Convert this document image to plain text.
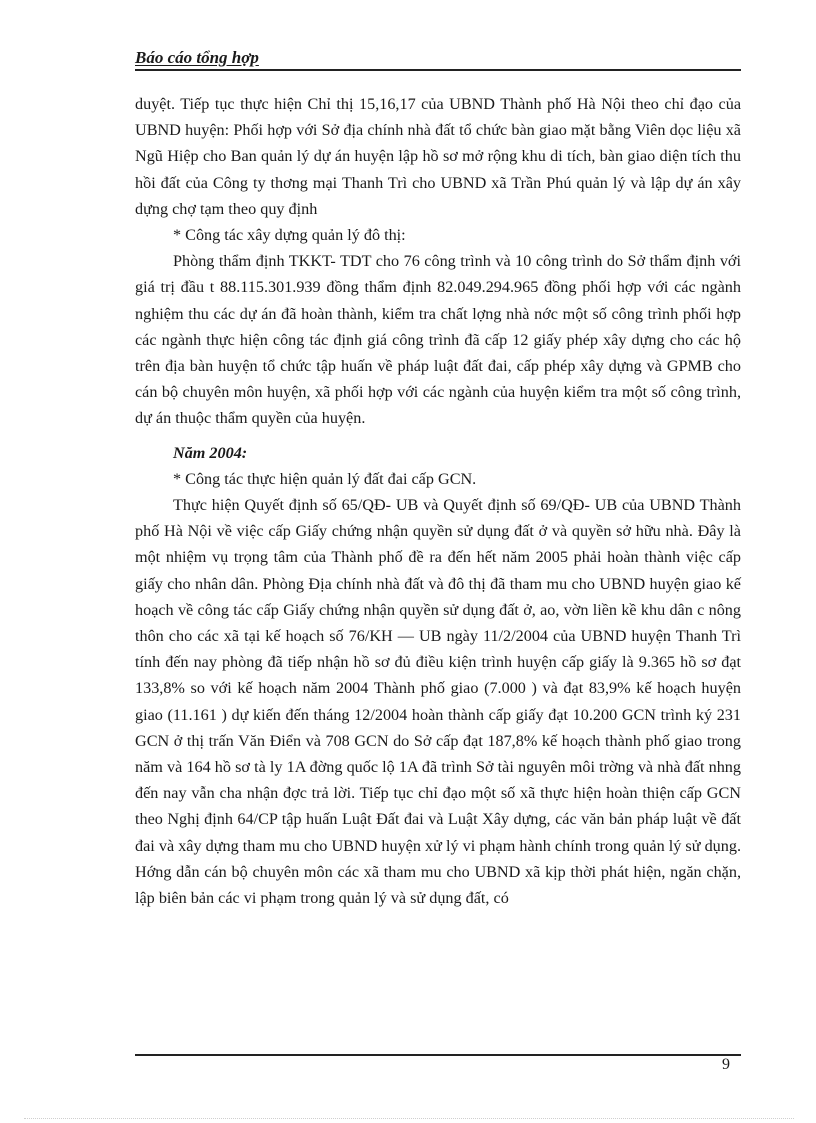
Báo cáo tổng hợp

duyệt. Tiếp tục thực hiện Chỉ thị 15,16,17 của UBND Thành phố Hà Nội theo chỉ đạo của UBND huyện: Phối hợp với Sở địa chính nhà đất tổ chức bàn giao mặt bằng Viên dọc liệu xã Ngũ Hiệp cho Ban quản lý dự án huyện lập hồ sơ mở rộng khu di tích, bàn giao diện tích thu hồi đất của Công ty thơng mại Thanh Trì cho UBND xã Trần Phú quản lý và lập dự án xây dựng chợ tạm theo quy định

* Công tác xây dựng quản lý đô thị:

Phòng thẩm định TKKT- TDT cho 76 công trình và 10 công trình do Sở thẩm định với giá trị đầu t 88.115.301.939 đồng thẩm định 82.049.294.965 đồng phối hợp với các ngành nghiệm thu các dự án đã hoàn thành, kiểm tra chất lợng nhà nớc một số công trình phối hợp các ngành thực hiện công tác định giá công trình đã cấp 12 giấy phép xây dựng cho các hộ trên địa bàn huyện tổ chức tập huấn về pháp luật đất đai, cấp phép xây dựng và GPMB cho cán bộ chuyên môn huyện, xã phối hợp với các ngành của huyện kiểm tra một số công trình, dự án thuộc thẩm quyền của huyện.

Năm 2004:

* Công tác thực hiện quản lý đất đai cấp GCN.

Thực hiện Quyết định số 65/QĐ- UB và Quyết định số 69/QĐ- UB của UBND Thành phố Hà Nội về việc cấp Giấy chứng nhận quyền sử dụng đất ở và quyền sở hữu nhà. Đây là một nhiệm vụ trọng tâm của Thành phố đề ra đến hết năm 2005 phải hoàn thành việc cấp giấy cho nhân dân. Phòng Địa chính nhà đất và đô thị đã tham mu cho UBND huyện giao kế hoạch về công tác cấp Giấy chứng nhận quyền sử dụng đất ở, ao, vờn liền kề khu dân c nông thôn cho các xã tại kế hoạch số 76/KH — UB ngày 11/2/2004 của UBND huyện Thanh Trì tính đến nay phòng đã tiếp nhận hồ sơ đủ điều kiện trình huyện cấp giấy là 9.365 hồ sơ đạt 133,8% so với kế hoạch năm 2004 Thành phố giao (7.000 ) và đạt 83,9% kế hoạch huyện giao (11.161 ) dự kiến đến tháng 12/2004 hoàn thành cấp giấy đạt 10.200 GCN trình ký 231 GCN ở thị trấn Văn Điển và 708 GCN do Sở cấp đạt 187,8% kế hoạch thành phố giao trong năm và 164 hồ sơ tà ly 1A đờng quốc lộ 1A đã trình Sở tài nguyên môi trờng và nhà đất nhng đến nay vẫn cha nhận đợc trả lời. Tiếp tục chỉ đạo một số xã thực hiện hoàn thiện cấp GCN theo Nghị định 64/CP tập huấn Luật Đất đai và Luật Xây dựng, các văn bản pháp luật về đất đai và xây dựng tham mu cho UBND huyện xử lý vi phạm hành chính trong quản lý sử dụng. Hớng dẫn cán bộ chuyên môn các xã tham mu cho UBND xã kịp thời phát hiện, ngăn chặn, lập biên bản các vi phạm trong quản lý và sử dụng đất, có

9
